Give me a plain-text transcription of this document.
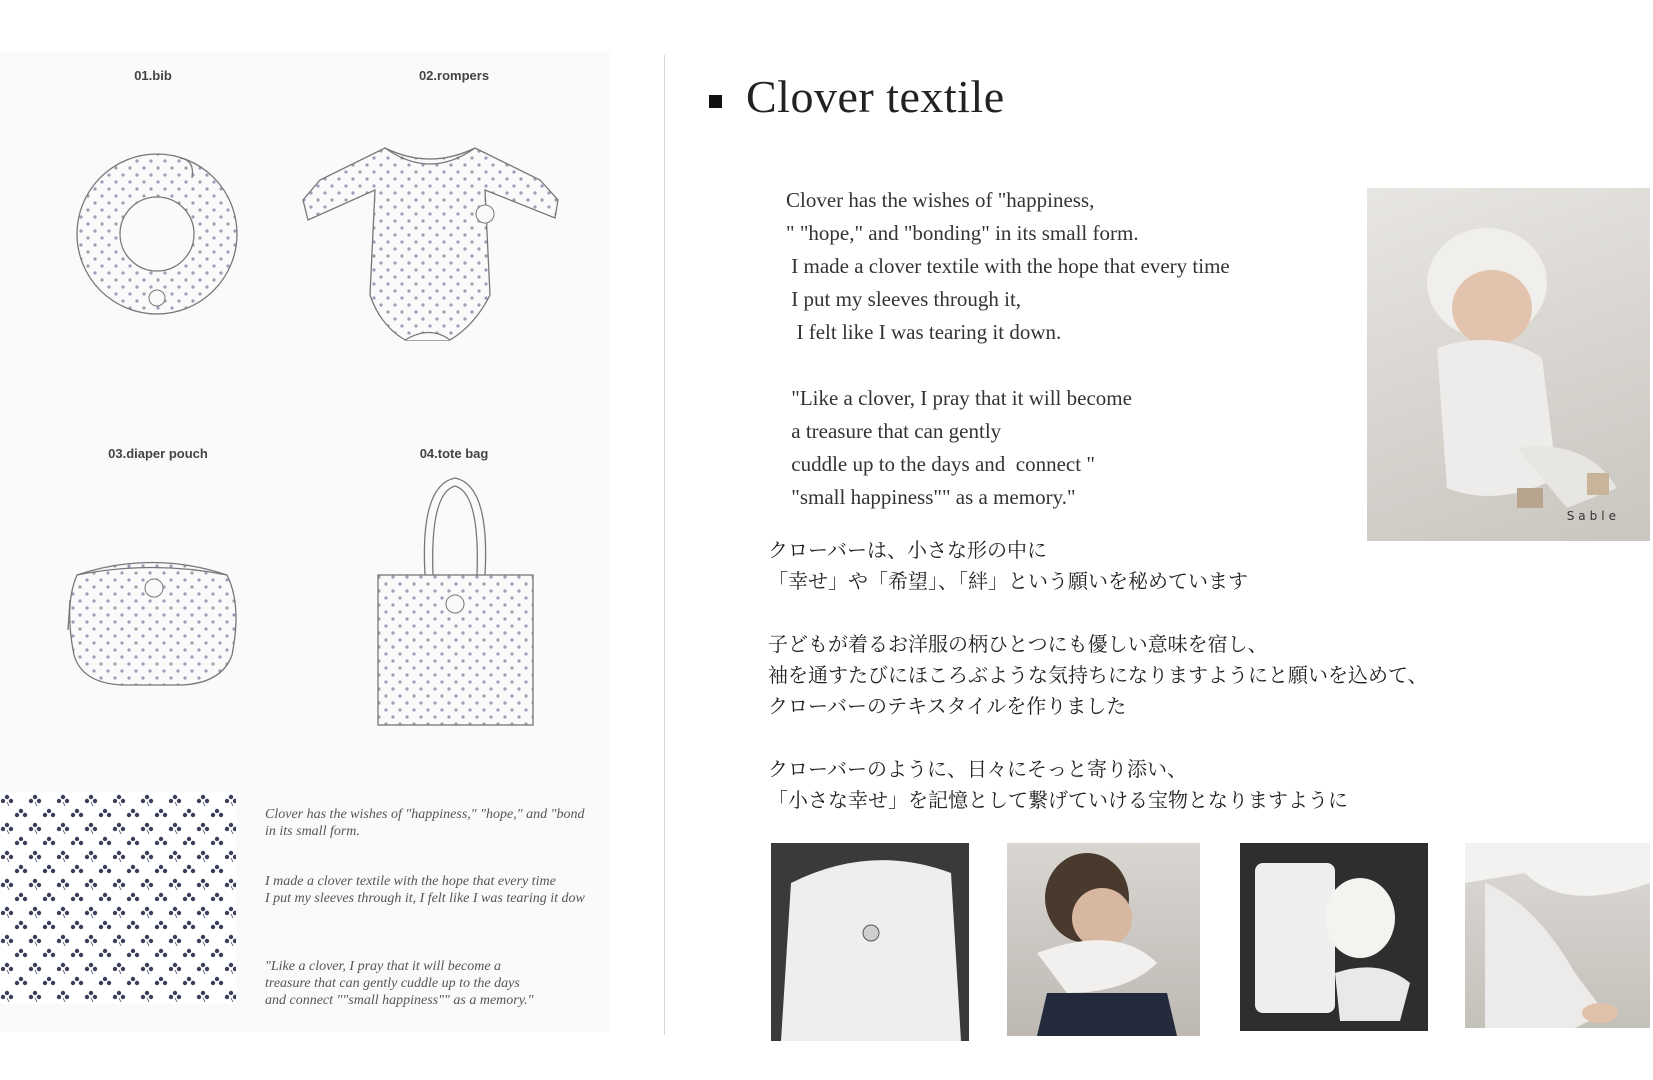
01.bib	02.rompers
03.diaper pouch	04.tote bag
Clover has the wishes of "happiness," "hope," and "bond
in its small form.
I made a clover textile with the hope that every time
I put my sleeves through it, I felt like I was tearing it dow
"Like a clover, I pray that it will become a
treasure that can gently cuddle up to the days
and connect ""small happiness"" as a memory."
Clover textile
Clover has the wishes of "happiness,
" "hope," and "bonding" in its small form.
I made a clover textile with the hope that every time
I put my sleeves through it,
I felt like I was tearing it down.

"Like a clover, I pray that it will become
a treasure that can gently
cuddle up to the days and  connect "
"small happiness"" as a memory."
Sable
クローバーは、小さな形の中に
「幸せ」や「希望」、「絆」という願いを秘めています
子どもが着るお洋服の柄ひとつにも優しい意味を宿し、
袖を通すたびにほころぶような気持ちになりますようにと願いを込めて、
クローバーのテキスタイルを作りました
クローバーのように、日々にそっと寄り添い、
「小さな幸せ」を記憶として繋げていける宝物となりますように
